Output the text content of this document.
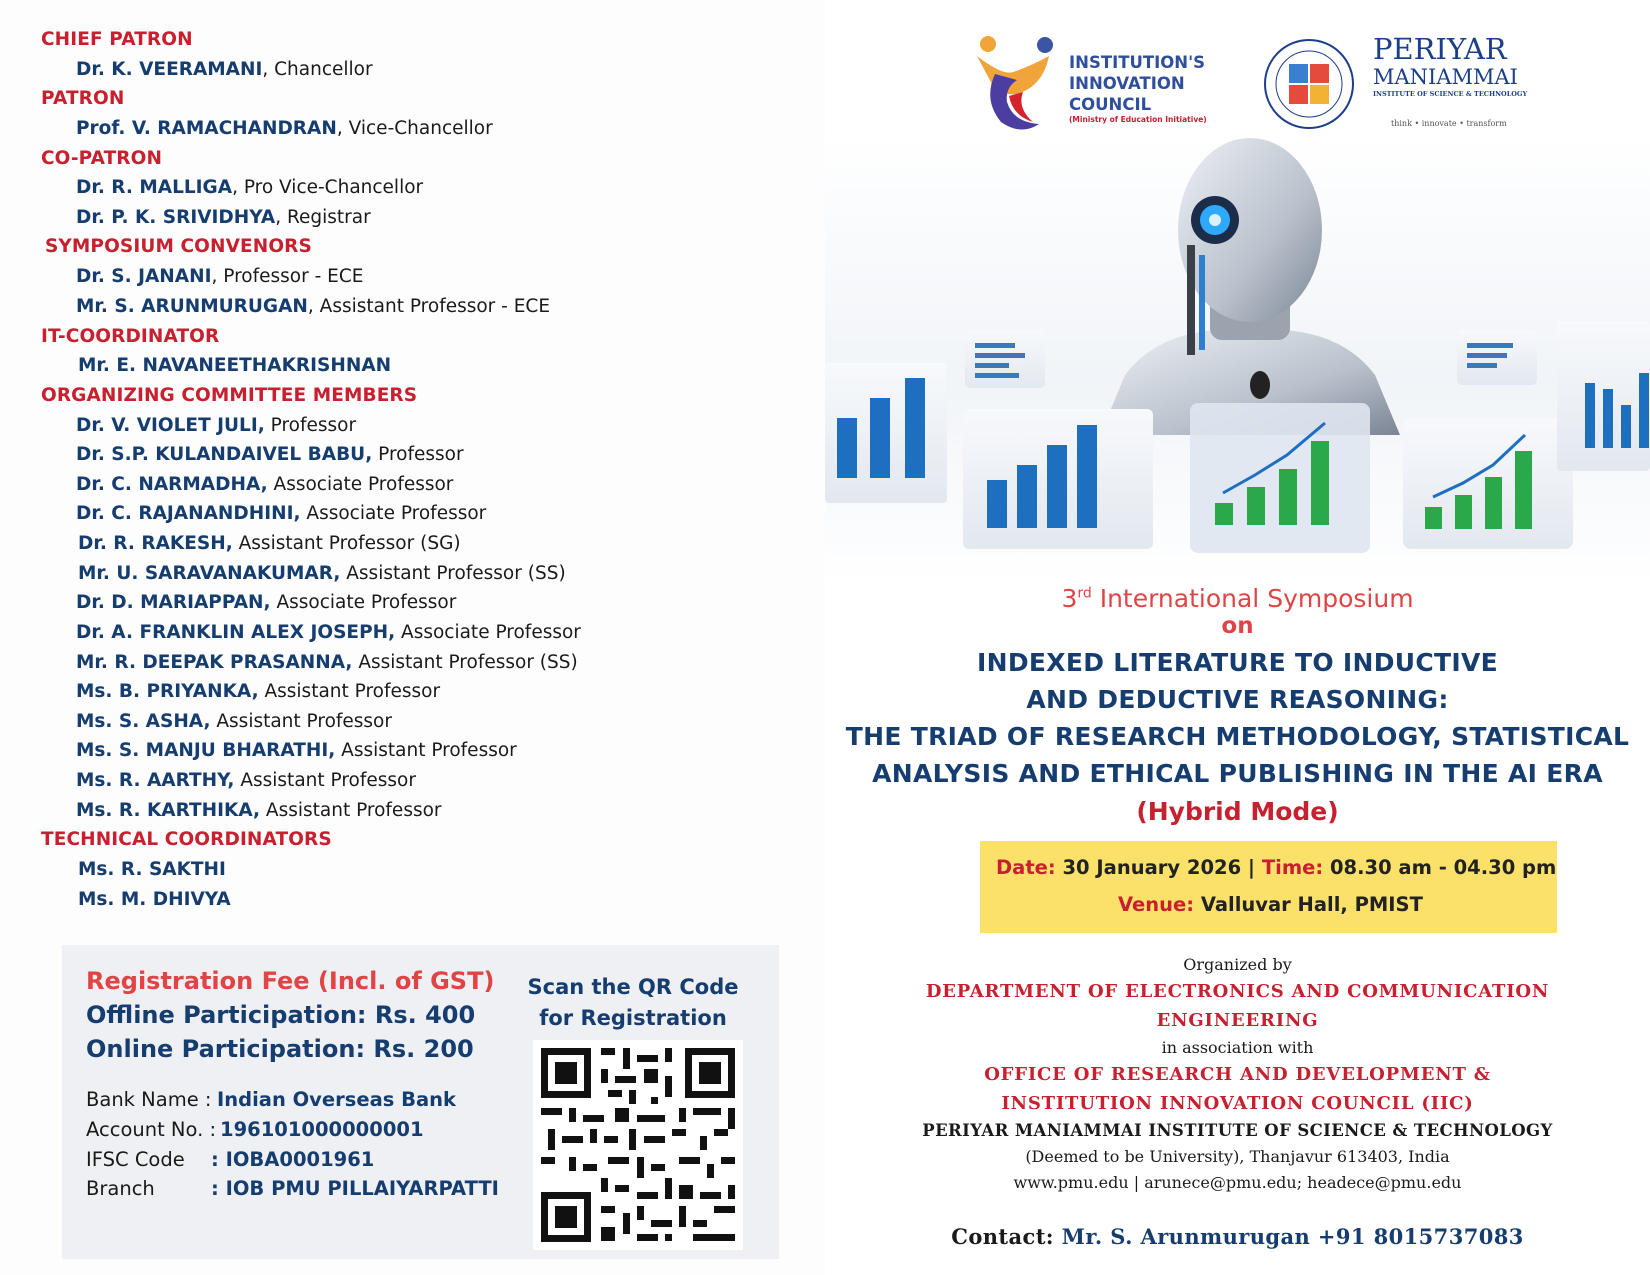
CHIEF PATRON
Dr. K. VEERAMANI, Chancellor
PATRON
Prof. V. RAMACHANDRAN, Vice-Chancellor
CO-PATRON
Dr. R. MALLIGA, Pro Vice-Chancellor
Dr. P. K. SRIVIDHYA, Registrar
SYMPOSIUM CONVENORS
Dr. S. JANANI, Professor - ECE
Mr. S. ARUNMURUGAN, Assistant Professor - ECE
IT-COORDINATOR
Mr. E. NAVANEETHAKRISHNAN
ORGANIZING COMMITTEE MEMBERS
Dr. V. VIOLET JULI, Professor
Dr. S.P. KULANDAIVEL BABU, Professor
Dr. C. NARMADHA, Associate Professor
Dr. C. RAJANANDHINI, Associate Professor
Dr. R. RAKESH, Assistant Professor (SG)
Mr. U. SARAVANAKUMAR, Assistant Professor (SS)
Dr. D. MARIAPPAN, Associate Professor
Dr. A. FRANKLIN ALEX JOSEPH, Associate Professor
Mr. R. DEEPAK PRASANNA, Assistant Professor (SS)
Ms. B. PRIYANKA, Assistant Professor
Ms. S. ASHA, Assistant Professor
Ms. S. MANJU BHARATHI, Assistant Professor
Ms. R. AARTHY, Assistant Professor
Ms. R. KARTHIKA, Assistant Professor
TECHNICAL COORDINATORS
Ms. R. SAKTHI
Ms. M. DHIVYA
Registration Fee (Incl. of GST)
Offline Participation: Rs. 400
Online Participation: Rs. 200
Bank Name : Indian Overseas Bank
Account No. : 196101000000001
IFSC Code : IOBA0001961
Branch	: IOB PMU PILLAIYARPATTI
Scan the QR Code
for Registration
INSTITUTION'S
INNOVATION
COUNCIL
(Ministry of Education Initiative)
PERIYAR
MANIAMMAI
INSTITUTE OF SCIENCE & TECHNOLOGY
think • innovate • transform
3rd International Symposium
on
INDEXED LITERATURE TO INDUCTIVE
AND DEDUCTIVE REASONING:
THE TRIAD OF RESEARCH METHODOLOGY, STATISTICAL
ANALYSIS AND ETHICAL PUBLISHING IN THE AI ERA
(Hybrid Mode)
Date: 30 January 2026 | Time: 08.30 am - 04.30 pm
Venue: Valluvar Hall, PMIST
Organized by
DEPARTMENT OF ELECTRONICS AND COMMUNICATION
ENGINEERING
in association with
OFFICE OF RESEARCH AND DEVELOPMENT &
INSTITUTION INNOVATION COUNCIL (IIC)
PERIYAR MANIAMMAI INSTITUTE OF SCIENCE & TECHNOLOGY
(Deemed to be University), Thanjavur 613403, India
www.pmu.edu | arunece@pmu.edu; headece@pmu.edu
Contact: Mr. S. Arunmurugan +91 8015737083
